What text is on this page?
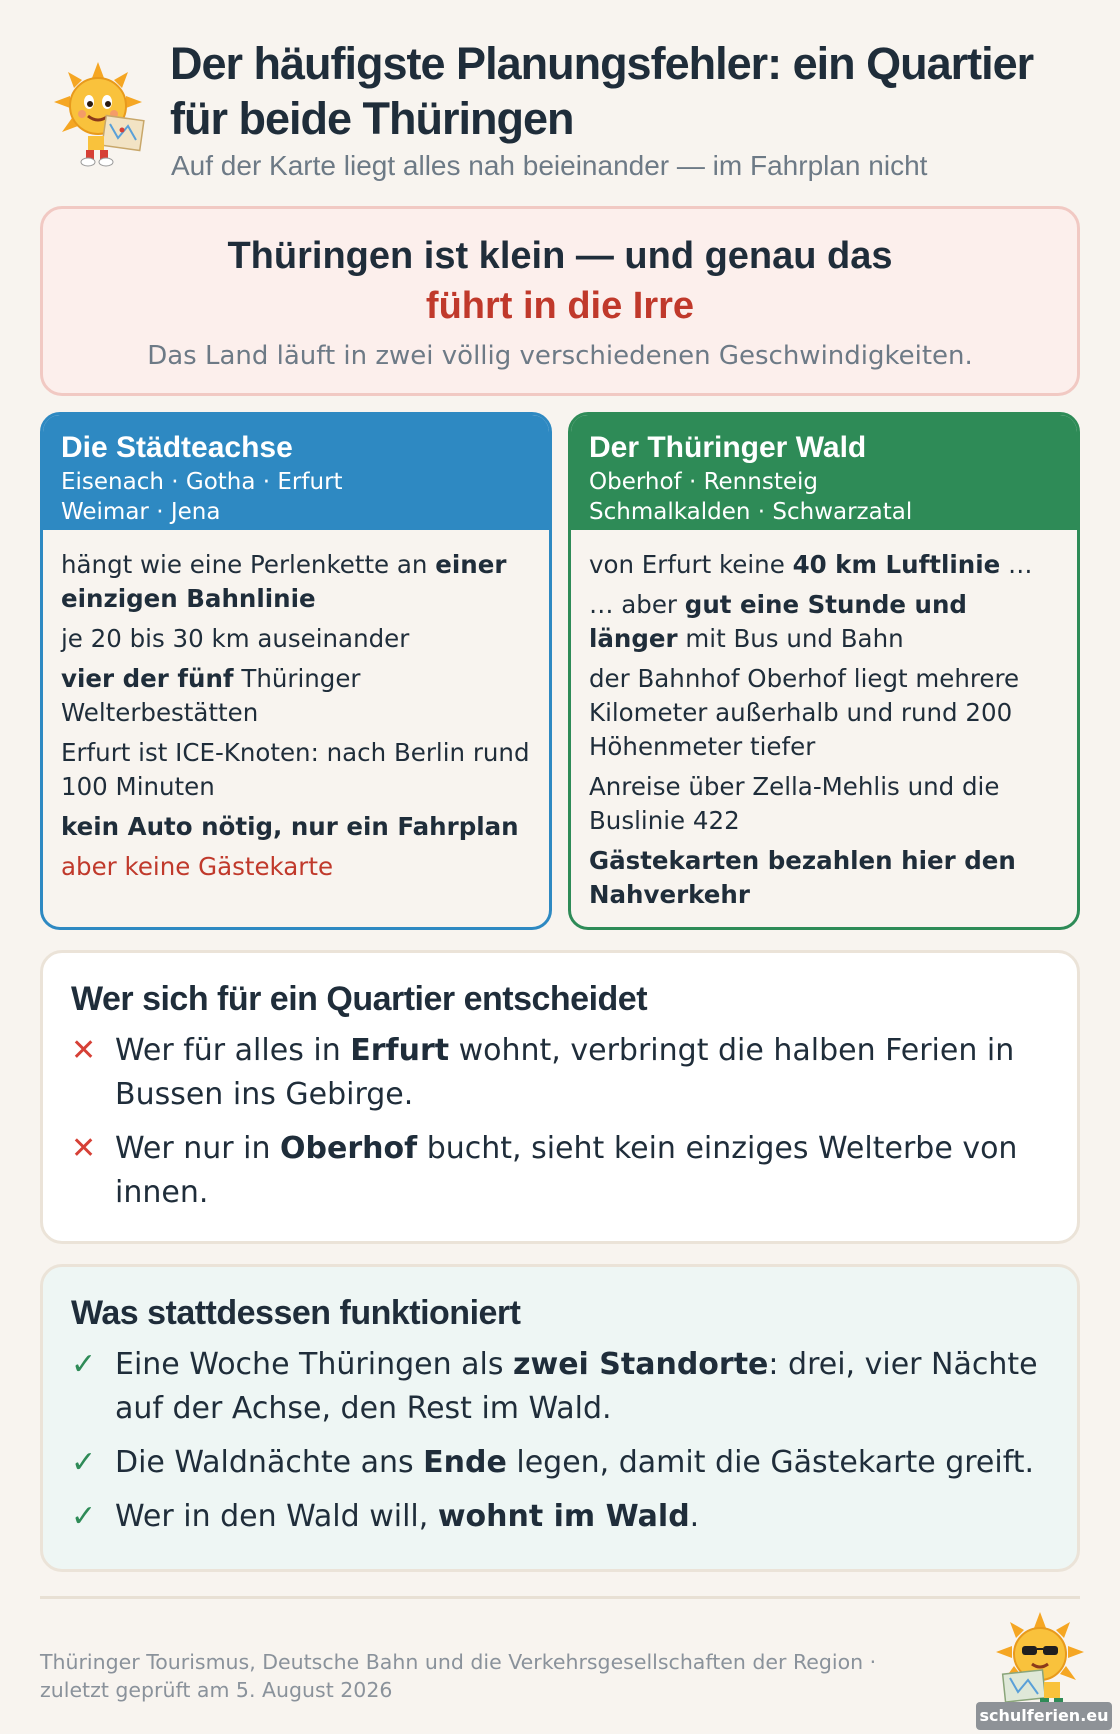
Der häufigste Planungsfehler: ein Quartier für beide Thüringen
Auf der Karte liegt alles nah beieinander — im Fahrplan nicht
Thüringen ist klein — und genau das
führt in die Irre
Das Land läuft in zwei völlig verschiedenen Geschwindigkeiten.
Die Städteachse
Eisenach · Gotha · Erfurt
Weimar · Jena

hängt wie eine Perlenkette an einer einzigen Bahnlinie

je 20 bis 30 km auseinander

vier der fünf Thüringer Welterbestätten

Erfurt ist ICE-Knoten: nach Berlin rund 100 Minuten

kein Auto nötig, nur ein Fahrplan

aber keine Gästekarte

Der Thüringer Wald
Oberhof · Rennsteig
Schmalkalden · Schwarzatal

von Erfurt keine 40 km Luftlinie …

… aber gut eine Stunde und länger mit Bus und Bahn

der Bahnhof Oberhof liegt mehrere Kilometer außerhalb und rund 200 Höhenmeter tiefer

Anreise über Zella-Mehlis und die Buslinie 422

Gästekarten bezahlen hier den Nahverkehr

Wer sich für ein Quartier entscheidet
✕ Wer für alles in Erfurt wohnt, verbringt die halben Ferien in Bussen ins Gebirge.
✕ Wer nur in Oberhof bucht, sieht kein einziges Welterbe von innen.
Was stattdessen funktioniert
✓ Eine Woche Thüringen als zwei Standorte: drei, vier Nächte auf der Achse, den Rest im Wald.
✓ Die Waldnächte ans Ende legen, damit die Gästekarte greift.
✓ Wer in den Wald will, wohnt im Wald.
Thüringer Tourismus, Deutsche Bahn und die Verkehrsgesellschaften der Region ·
zuletzt geprüft am 5. August 2026
schulferien.eu
